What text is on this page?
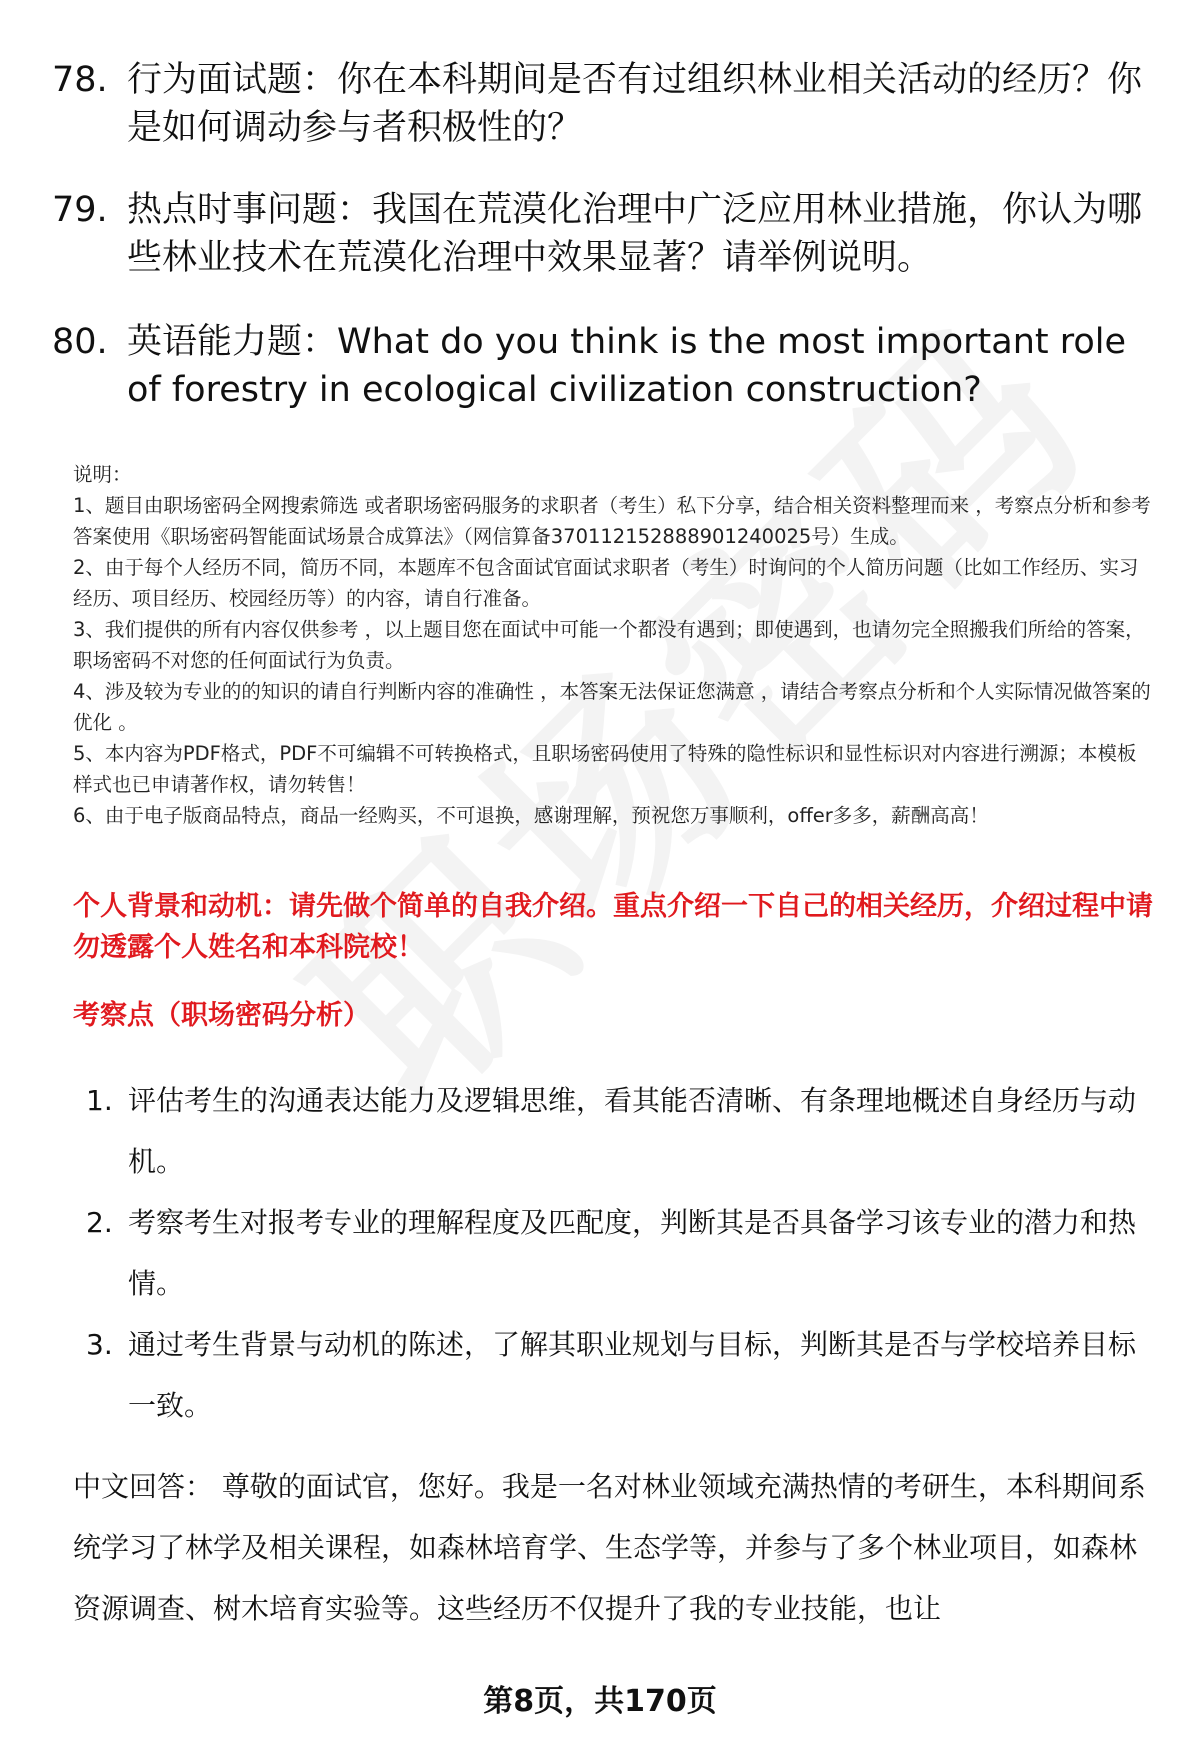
78. 行为面试题：你在本科期间是否有过组织林业相关活动的经历？你是如何调动参与者积极性的？
79. 热点时事问题：我国在荒漠化治理中广泛应用林业措施，你认为哪些林业技术在荒漠化治理中效果显著？请举例说明。
80. 英语能力题：What do you think is the most important role of forestry in ecological civilization construction?

说明：

1、题目由职场密码全网搜索筛选 或者职场密码服务的求职者（考生）私下分享，结合相关资料整理而来 ，考察点分析和参考答案使用《职场密码智能面试场景合成算法》（网信算备370112152888901240025号）生成。

2、由于每个人经历不同，简历不同，本题库不包含面试官面试求职者（考生）时询问的个人简历问题（比如工作经历、实习经历、项目经历、校园经历等）的内容，请自行准备。

3、我们提供的所有内容仅供参考 ，以上题目您在面试中可能一个都没有遇到；即使遇到，也请勿完全照搬我们所给的答案，职场密码不对您的任何面试行为负责。

4、涉及较为专业的的知识的请自行判断内容的准确性 ，本答案无法保证您满意 ，请结合考察点分析和个人实际情况做答案的优化 。

5、本内容为PDF格式，PDF不可编辑不可转换格式，且职场密码使用了特殊的隐性标识和显性标识对内容进行溯源；本模板样式也已申请著作权，请勿转售！

6、由于电子版商品特点，商品一经购买，不可退换，感谢理解，预祝您万事顺利，offer多多，薪酬高高！

个人背景和动机：请先做个简单的自我介绍。重点介绍一下自己的相关经历，介绍过程中请勿透露个人姓名和本科院校！
考察点（职场密码分析）
1. 评估考生的沟通表达能力及逻辑思维，看其能否清晰、有条理地概述自身经历与动机。
2. 考察考生对报考专业的理解程度及匹配度，判断其是否具备学习该专业的潜力和热情。
3. 通过考生背景与动机的陈述，了解其职业规划与目标，判断其是否与学校培养目标一致。
中文回答： 尊敬的面试官，您好。我是一名对林业领域充满热情的考研生，本科期间系统学习了林学及相关课程，如森林培育学、生态学等，并参与了多个林业项目，如森林资源调查、树木培育实验等。这些经历不仅提升了我的专业技能，也让
第8页，共170页
